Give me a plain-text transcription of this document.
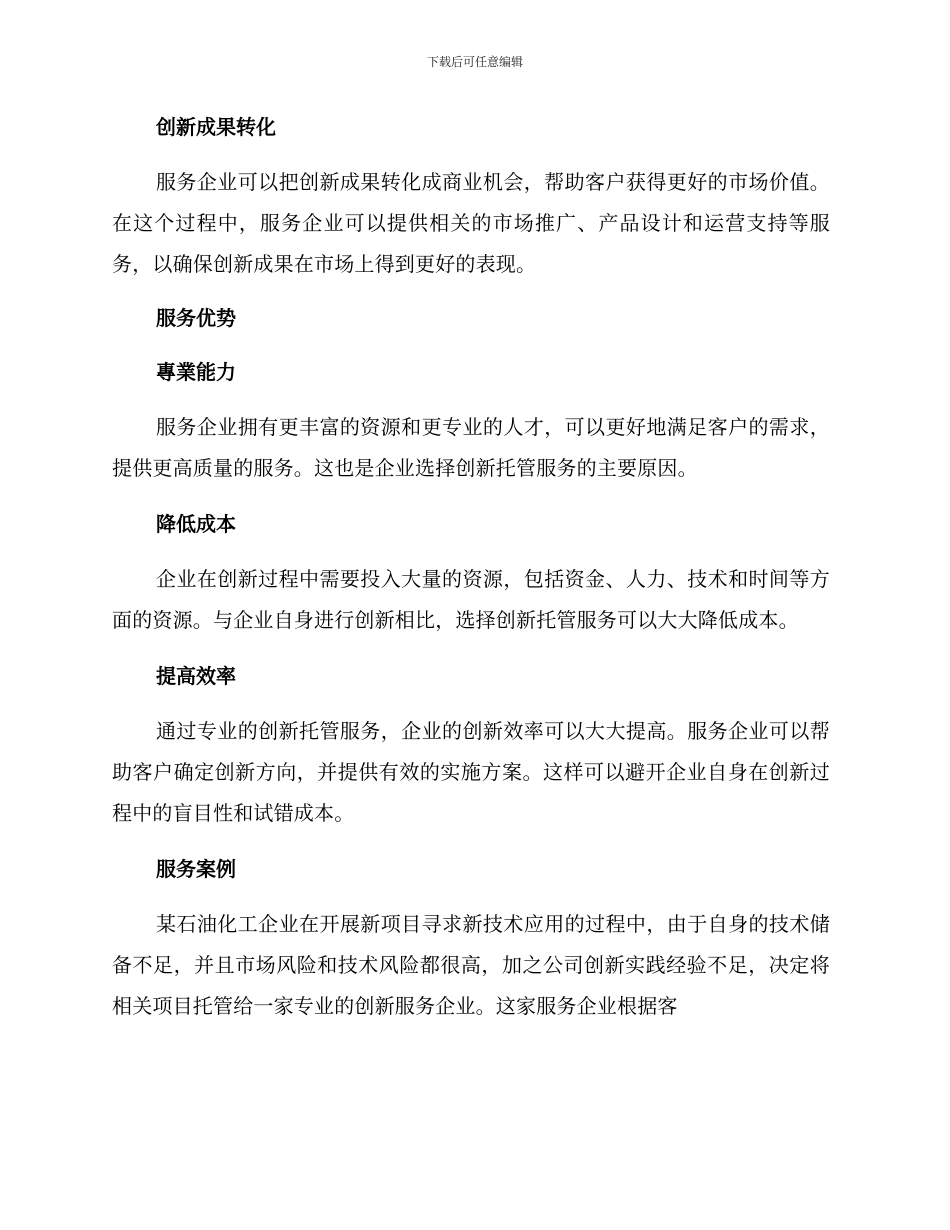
下载后可任意编辑
创新成果转化

服务企业可以把创新成果转化成商业机会，帮助客户获得更好的市场价值。在这个过程中，服务企业可以提供相关的市场推广、产品设计和运营支持等服务，以确保创新成果在市场上得到更好的表现。

服务优势
專業能力

服务企业拥有更丰富的资源和更专业的人才，可以更好地满足客户的需求，提供更高质量的服务。这也是企业选择创新托管服务的主要原因。

降低成本

企业在创新过程中需要投入大量的资源，包括资金、人力、技术和时间等方面的资源。与企业自身进行创新相比，选择创新托管服务可以大大降低成本。

提高效率

通过专业的创新托管服务，企业的创新效率可以大大提高。服务企业可以帮助客户确定创新方向，并提供有效的实施方案。这样可以避开企业自身在创新过程中的盲目性和试错成本。

服务案例

某石油化工企业在开展新项目寻求新技术应用的过程中，由于自身的技术储备不足，并且市场风险和技术风险都很高，加之公司创新实践经验不足，决定将相关项目托管给一家专业的创新服务企业。这家服务企业根据客
